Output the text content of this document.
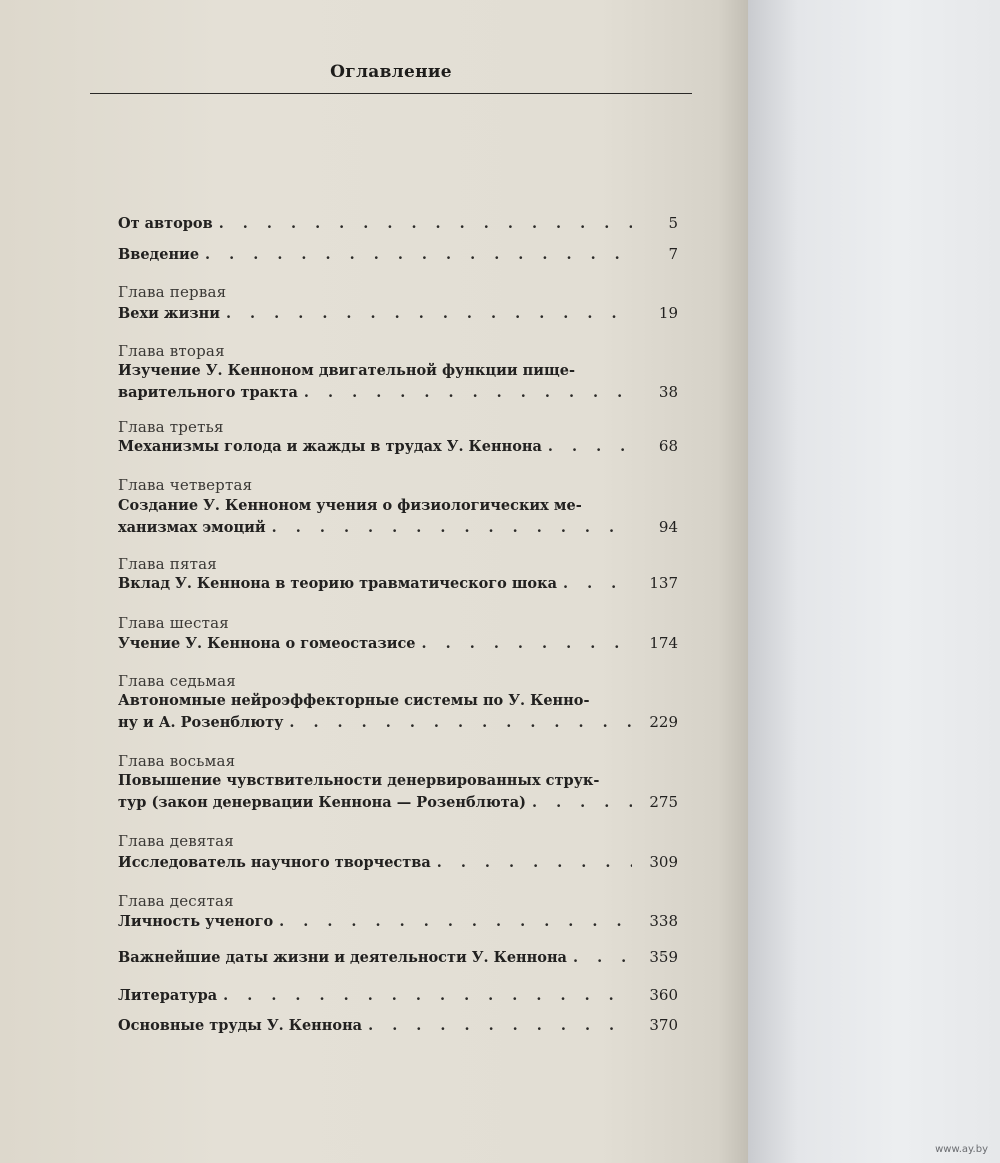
Оглавление
От авторов . . .	5
Введение . . .	7
Глава первая
Вехи жизни . . .	19
Глава вторая
Изучение У. Кенноном двигательной функции пище-
варительного тракта . . .	38
Глава третья
Механизмы голода и жажды в трудах У. Кеннона . . .	68
Глава четвертая
Создание У. Кенноном учения о физиологических ме-
ханизмах эмоций . . .	94
Глава пятая
Вклад У. Кеннона в теорию травматического шока . . .	137
Глава шестая
Учение У. Кеннона о гомеостазисе . . .	174
Глава седьмая
Автономные нейроэффекторные системы по У. Кенно-
ну и А. Розенблюту . . .	229
Глава восьмая
Повышение чувствительности денервированных струк-
тур (закон денервации Кеннона — Розенблюта) . . .	275
Глава девятая
Исследователь научного творчества . . .	309
Глава десятая
Личность ученого . . .	338
Важнейшие даты жизни и деятельности У. Кеннона . . .	359
Литература . . .	360
Основные труды У. Кеннона . . .	370
www.ay.by
